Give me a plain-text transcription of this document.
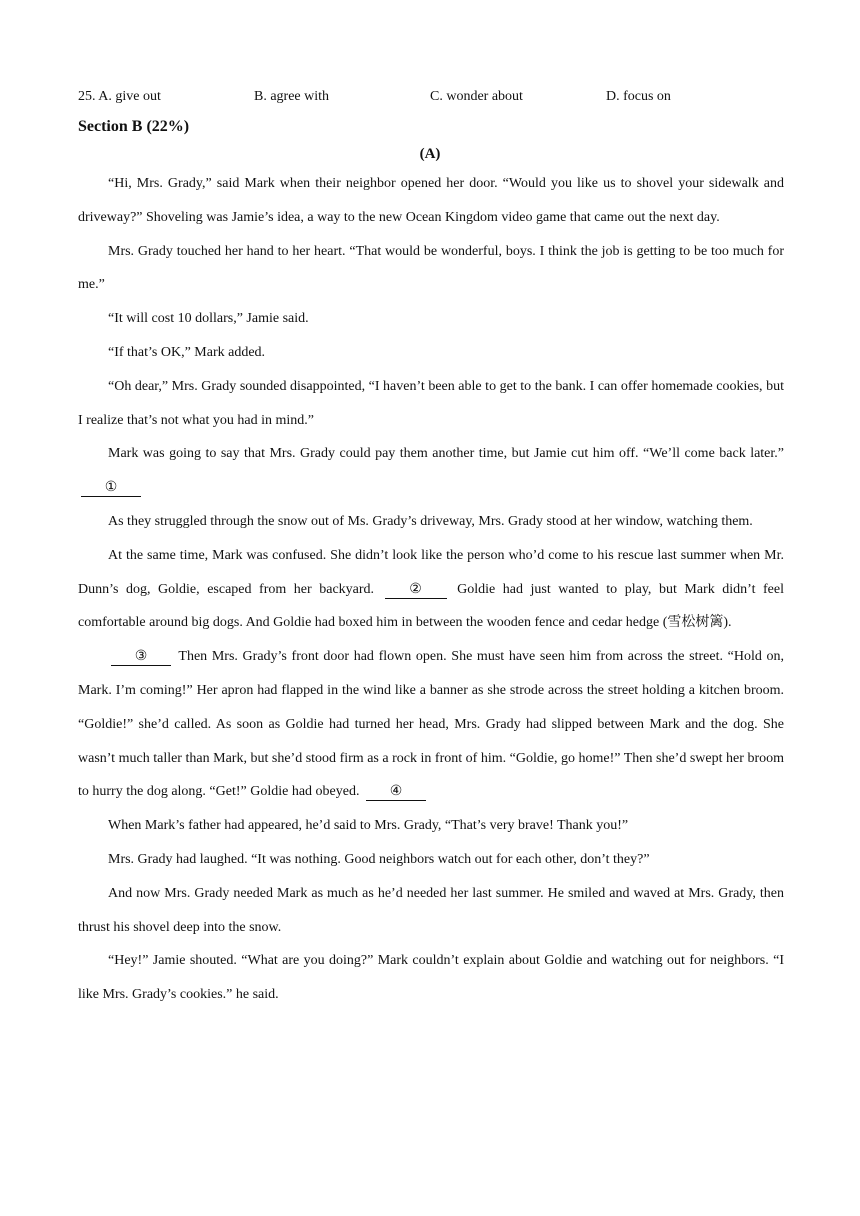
25. A. give out	B. agree with	C. wonder about	D. focus on
Section B (22%)
(A)

“Hi, Mrs. Grady,” said Mark when their neighbor opened her door. “Would you like us to shovel your sidewalk and driveway?” Shoveling was Jamie’s idea, a way to the new Ocean Kingdom video game that came out the next day.

Mrs. Grady touched her hand to her heart. “That would be wonderful, boys. I think the job is getting to be too much for me.”

“It will cost 10 dollars,” Jamie said.

“If that’s OK,” Mark added.

“Oh dear,” Mrs. Grady sounded disappointed, “I haven’t been able to get to the bank. I can offer homemade cookies, but I realize that’s not what you had in mind.”

Mark was going to say that Mrs. Grady could pay them another time, but Jamie cut him off. “We’ll come back later.” ①

As they struggled through the snow out of Ms. Grady’s driveway, Mrs. Grady stood at her window, watching them.

At the same time, Mark was confused. She didn’t look like the person who’d come to his rescue last summer when Mr. Dunn’s dog, Goldie, escaped from her backyard.	②	Goldie had just wanted to play, but Mark didn’t feel comfortable around big dogs. And Goldie had boxed him in between the wooden fence and cedar hedge (雪松树篱).

③ Then Mrs. Grady’s front door had flown open. She must have seen him from across the street. “Hold on, Mark. I’m coming!” Her apron had flapped in the wind like a banner as she strode across the street holding a kitchen broom. “Goldie!” she’d called. As soon as Goldie had turned her head, Mrs. Grady had slipped between Mark and the dog. She wasn’t much taller than Mark, but she’d stood firm as a rock in front of him. “Goldie, go home!” Then she’d swept her broom to hurry the dog along. “Get!” Goldie had obeyed. ④

When Mark’s father had appeared, he’d said to Mrs. Grady, “That’s very brave! Thank you!”

Mrs. Grady had laughed. “It was nothing. Good neighbors watch out for each other, don’t they?”

And now Mrs. Grady needed Mark as much as he’d needed her last summer. He smiled and waved at Mrs. Grady, then thrust his shovel deep into the snow.

“Hey!” Jamie shouted. “What are you doing?” Mark couldn’t explain about Goldie and watching out for neighbors. “I like Mrs. Grady’s cookies.” he said.
